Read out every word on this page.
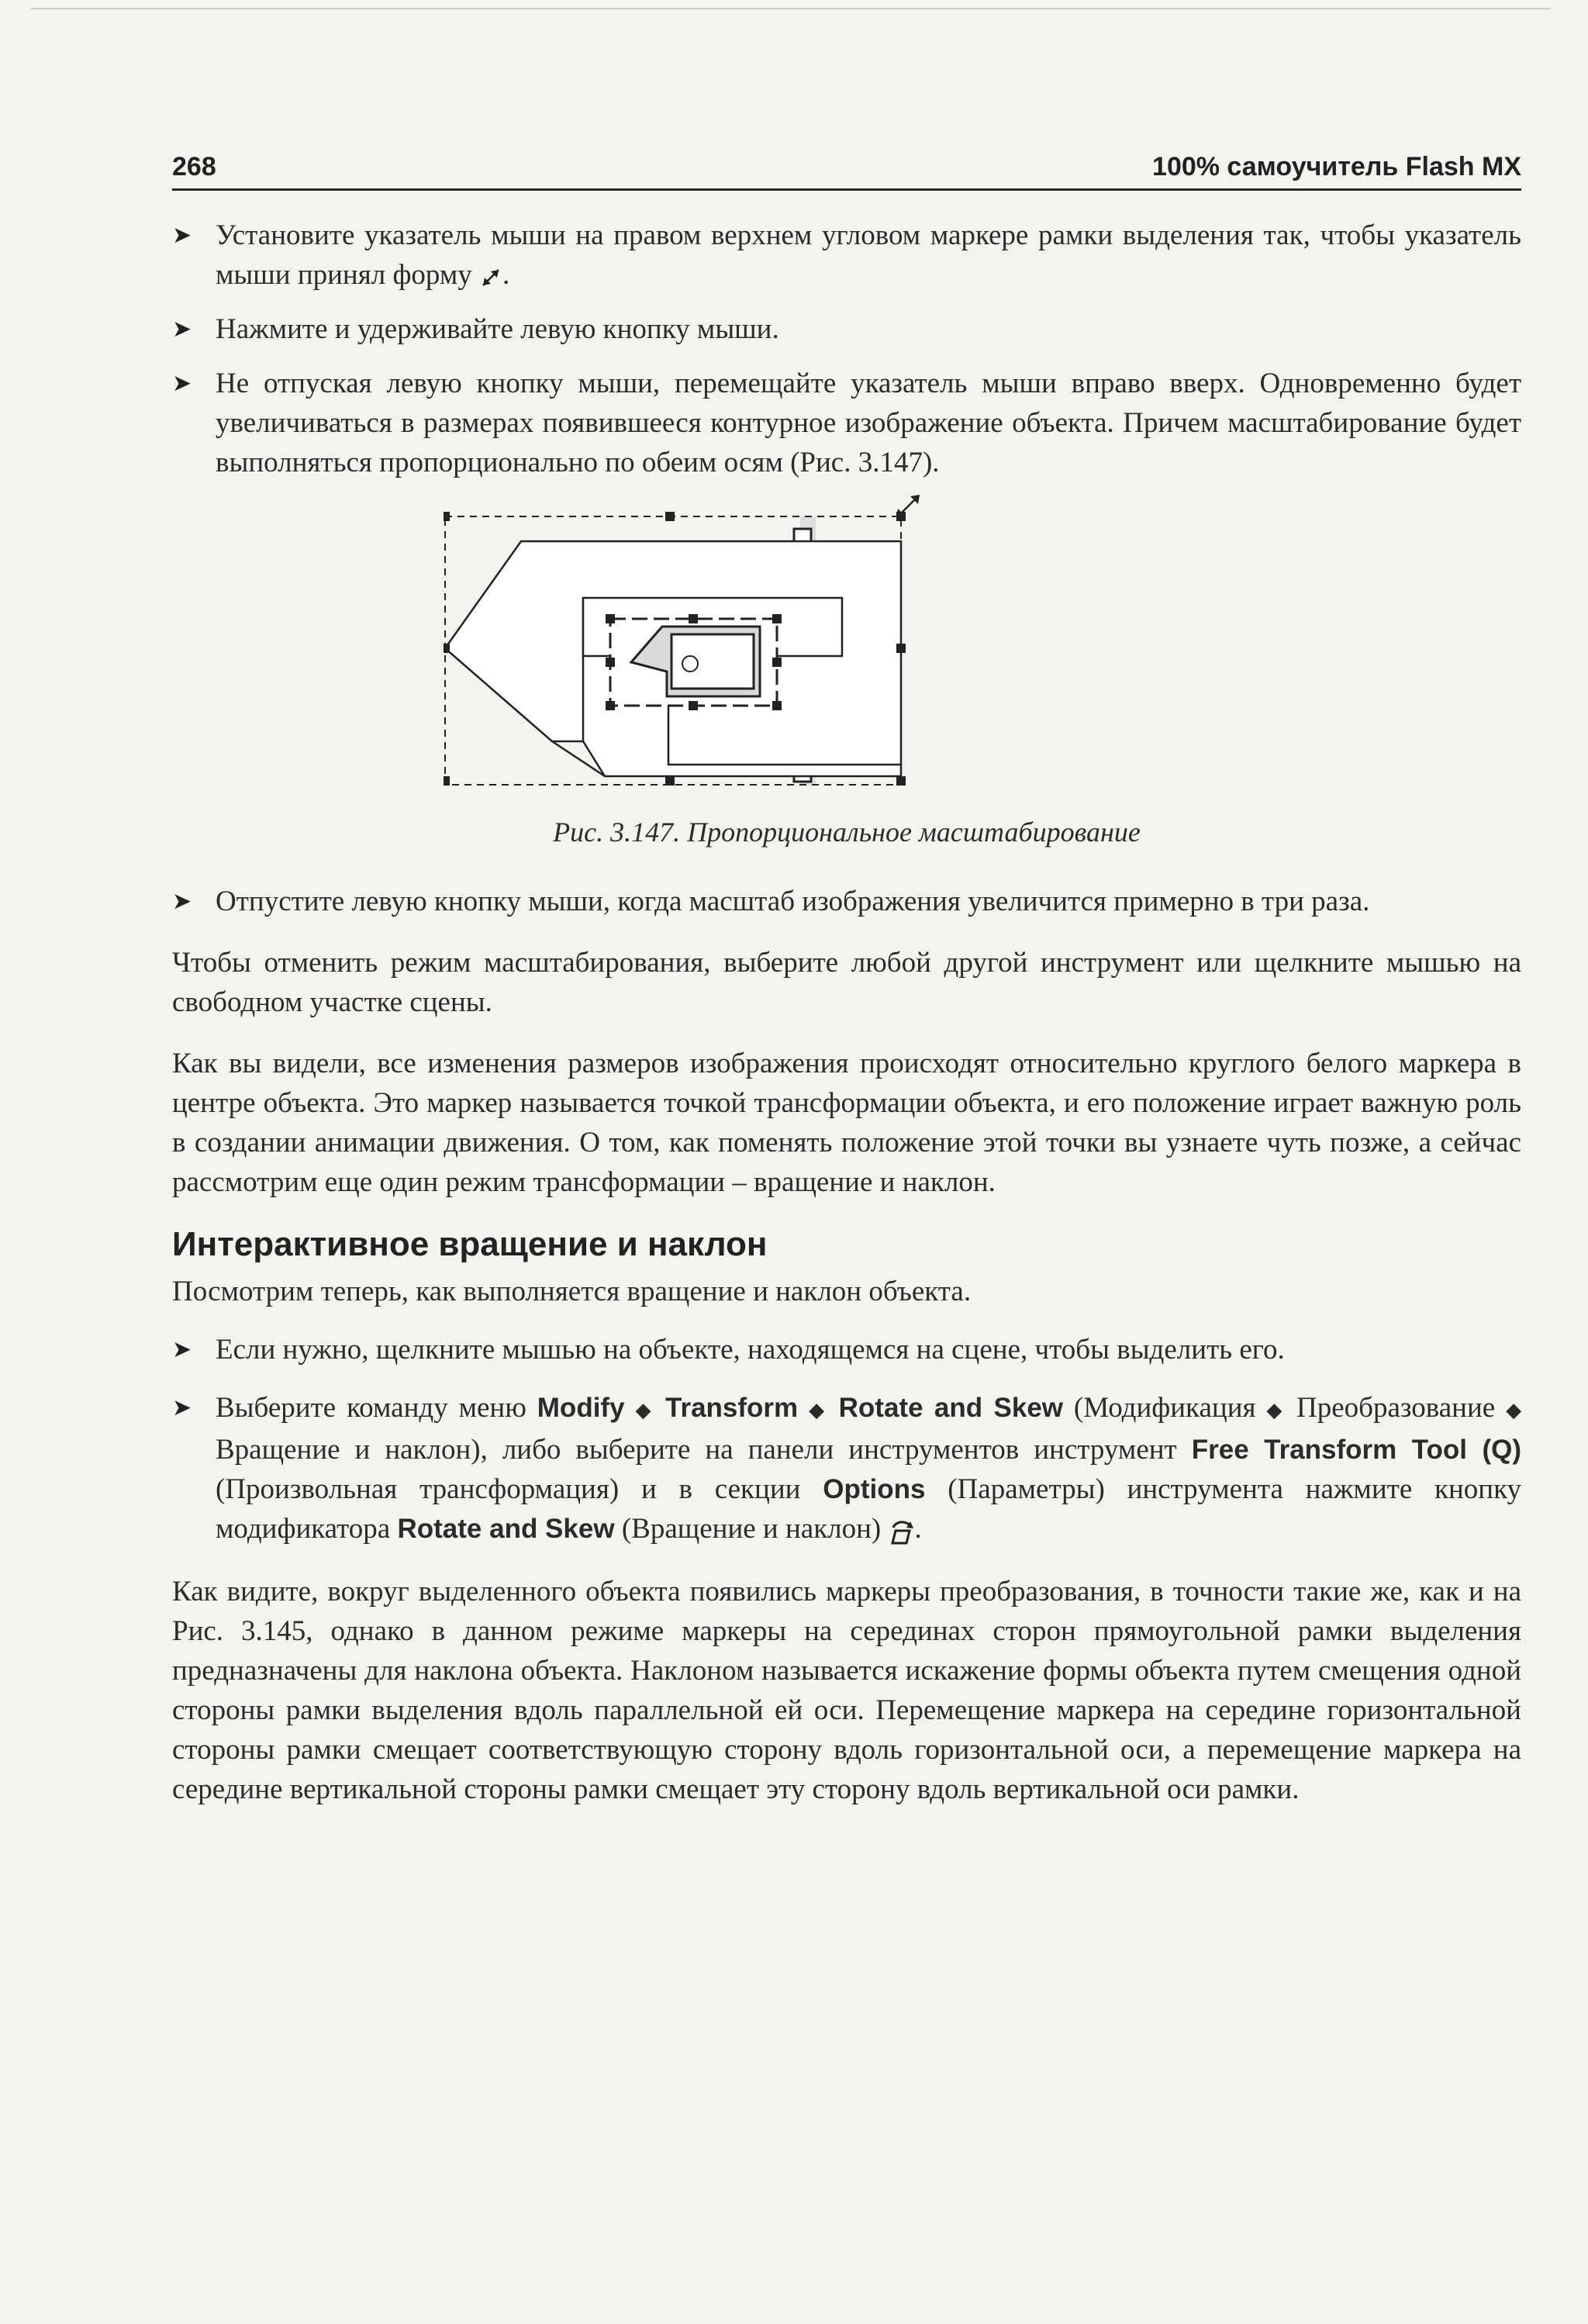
268	100% самоучитель Flash MX
➤ Установите указатель мыши на правом верхнем угловом маркере рамки выделения так, чтобы указатель мыши принял форму .
➤ Нажмите и удерживайте левую кнопку мыши.
➤ Не отпуская левую кнопку мыши, перемещайте указатель мыши вправо вверх. Одновременно будет увеличиваться в размерах появившееся контурное изображение объекта. Причем масштабирование будет выполняться пропорционально по обеим осям (Рис. 3.147).

Рис. 3.147. Пропорциональное масштабирование

➤ Отпустите левую кнопку мыши, когда масштаб изображения увеличится примерно в три раза.

Чтобы отменить режим масштабирования, выберите любой другой инструмент или щелкните мышью на свободном участке сцены.

Как вы видели, все изменения размеров изображения происходят относительно круглого белого маркера в центре объекта. Это маркер называется точкой трансформации объекта, и его положение играет важную роль в создании анимации движения. О том, как поменять положение этой точки вы узнаете чуть позже, а сейчас рассмотрим еще один режим трансформации – вращение и наклон.

Интерактивное вращение и наклон

Посмотрим теперь, как выполняется вращение и наклон объекта.

➤ Если нужно, щелкните мышью на объекте, находящемся на сцене, чтобы выделить его.
➤ Выберите команду меню Modify ◆ Transform ◆ Rotate and Skew (Модификация ◆ Преобразование ◆ Вращение и наклон), либо выберите на панели инструментов инструмент Free Transform Tool (Q) (Произвольная трансформация) и в секции Options (Параметры) инструмента нажмите кнопку модификатора Rotate and Skew (Вращение и наклон) .

Как видите, вокруг выделенного объекта появились маркеры преобразования, в точности такие же, как и на Рис. 3.145, однако в данном режиме маркеры на серединах сторон прямоугольной рамки выделения предназначены для наклона объекта. Наклоном называется искажение формы объекта путем смещения одной стороны рамки выделения вдоль параллельной ей оси. Перемещение маркера на середине горизонтальной стороны рамки смещает соответствующую сторону вдоль горизонтальной оси, а перемещение маркера на середине вертикальной стороны рамки смещает эту сторону вдоль вертикальной оси рамки.
